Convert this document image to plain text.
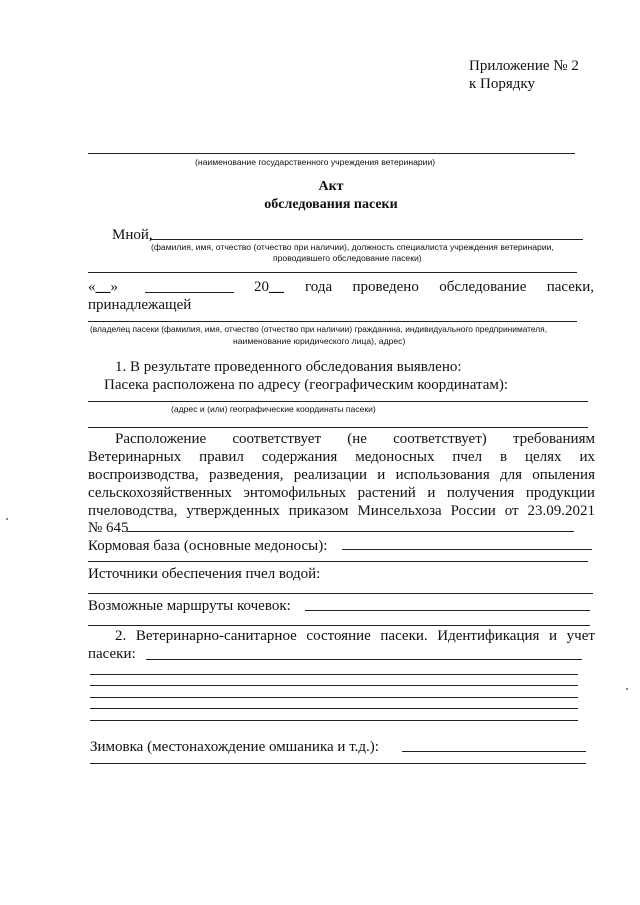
Приложение № 2
к Порядку
(наименование государственного учреждения ветеринарии)
Акт
обследования пасеки
Мной,
(фамилия, имя, отчество (отчество при наличии), должность специалиста учреждения ветеринарии,
проводившего обследование пасеки)
«__»	20__ года проведено обследование пасеки,
принадлежащей
(владелец пасеки (фамилия, имя, отчество (отчество при наличии) гражданина, индивидуального предпринимателя,
наименование юридического лица), адрес)
1. В результате проведенного обследования выявлено:
Пасека расположена по адресу (географическим координатам):
(адрес и (или) географические координаты пасеки)
Расположение соответствует (не соответствует) требованиям
Ветеринарных правил содержания медоносных пчел в целях их
воспроизводства, разведения, реализации и использования для опыления
сельскохозяйственных энтомофильных растений и получения продукции
пчеловодства, утвержденных приказом Минсельхоза России от 23.09.2021
№ 645
Кормовая база (основные медоносы):
Источники обеспечения пчел водой:
Возможные маршруты кочевок:
2. Ветеринарно-санитарное состояние пасеки. Идентификация и учет
пасеки:
Зимовка (местонахождение омшаника и т.д.):
